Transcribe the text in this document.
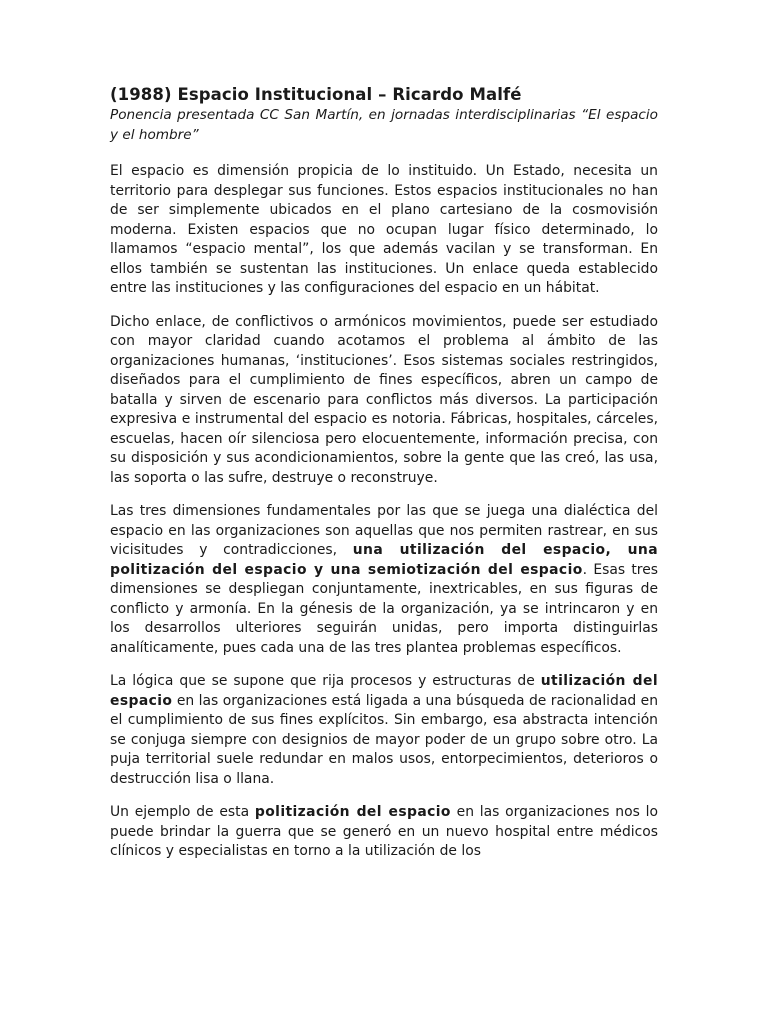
(1988) Espacio Institucional – Ricardo Malfé

Ponencia presentada CC San Martín, en jornadas interdisciplinarias “El espacio y el hombre”

El espacio es dimensión propicia de lo instituido. Un Estado, necesita un territorio para desplegar sus funciones. Estos espacios institucionales no han de ser simplemente ubicados en el plano cartesiano de la cosmovisión moderna. Existen espacios que no ocupan lugar físico determinado, lo llamamos “espacio mental”, los que además vacilan y se transforman. En ellos también se sustentan las instituciones. Un enlace queda establecido entre las instituciones y las configuraciones del espacio en un hábitat.

Dicho enlace, de conflictivos o armónicos movimientos, puede ser estudiado con mayor claridad cuando acotamos el problema al ámbito de las organizaciones humanas, ‘instituciones’. Esos sistemas sociales restringidos, diseñados para el cumplimiento de fines específicos, abren un campo de batalla y sirven de escenario para conflictos más diversos. La participación expresiva e instrumental del espacio es notoria. Fábricas, hospitales, cárceles, escuelas, hacen oír silenciosa pero elocuentemente, información precisa, con su disposición y sus acondicionamientos, sobre la gente que las creó, las usa, las soporta o las sufre, destruye o reconstruye.

Las tres dimensiones fundamentales por las que se juega una dialéctica del espacio en las organizaciones son aquellas que nos permiten rastrear, en sus vicisitudes y contradicciones, una utilización del espacio, una politización del espacio y una semiotización del espacio. Esas tres dimensiones se despliegan conjuntamente, inextricables, en sus figuras de conflicto y armonía. En la génesis de la organización, ya se intrincaron y en los desarrollos ulteriores seguirán unidas, pero importa distinguirlas analíticamente, pues cada una de las tres plantea problemas específicos.

La lógica que se supone que rija procesos y estructuras de utilización del espacio en las organizaciones está ligada a una búsqueda de racionalidad en el cumplimiento de sus fines explícitos. Sin embargo, esa abstracta intención se conjuga siempre con designios de mayor poder de un grupo sobre otro. La puja territorial suele redundar en malos usos, entorpecimientos, deterioros o destrucción lisa o llana.

Un ejemplo de esta politización del espacio en las organizaciones nos lo puede brindar la guerra que se generó en un nuevo hospital entre médicos clínicos y especialistas en torno a la utilización de los
